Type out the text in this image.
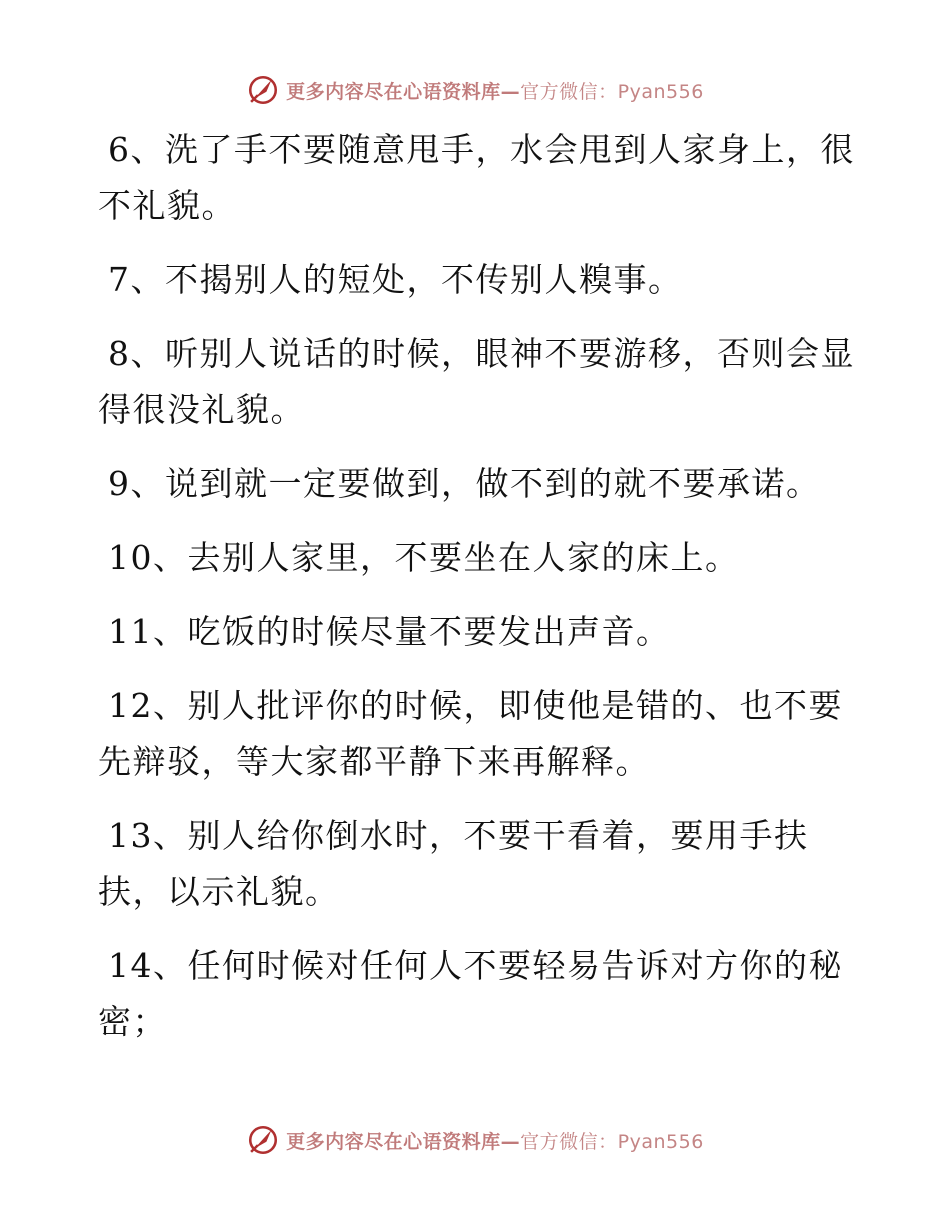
更多内容尽在心语资料库—官方微信：Pyan556

6、洗了手不要随意甩手，水会甩到人家身上，很不礼貌。

7、不揭别人的短处，不传别人糗事。

8、听别人说话的时候，眼神不要游移，否则会显得很没礼貌。

9、说到就一定要做到，做不到的就不要承诺。

10、去别人家里，不要坐在人家的床上。

11、吃饭的时候尽量不要发出声音。

12、别人批评你的时候，即使他是错的、也不要先辩驳，等大家都平静下来再解释。

13、别人给你倒水时，不要干看着，要用手扶扶，以示礼貌。

14、任何时候对任何人不要轻易告诉对方你的秘密；

更多内容尽在心语资料库—官方微信：Pyan556
